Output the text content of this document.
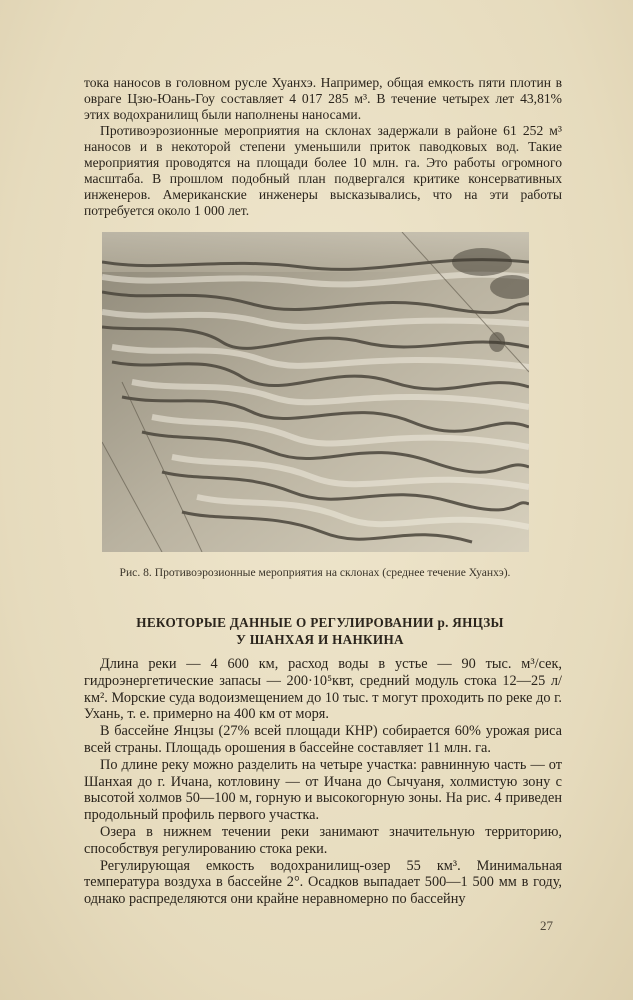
тока наносов в головном русле Хуанхэ. Например, общая емкость пяти плотин в овраге Цзю-Юань-Гоу составляет 4 017 285 м³. В течение четырех лет 43,81% этих водохранилищ были наполнены наносами.

Противоэрозионные мероприятия на склонах задержали в районе 61 252 м³ наносов и в некоторой степени уменьшили приток паводковых вод. Такие мероприятия проводятся на площади более 10 млн. га. Это работы огромного масштаба. В прошлом подобный план подвергался критике консервативных инженеров. Американские инженеры высказывались, что на эти работы потребуется около 1 000 лет.

Рис. 8. Противоэрозионные мероприятия на склонах (среднее течение Хуанхэ).
НЕКОТОРЫЕ ДАННЫЕ О РЕГУЛИРОВАНИИ р. ЯНЦЗЫ
У ШАНХАЯ И НАНКИНА

Длина реки — 4 600 км, расход воды в устье — 90 тыс. м³/сек, гидроэнергетические запасы — 200·10⁵квт, средний модуль стока 12—25 л/км². Морские суда водоизмещением до 10 тыс. т могут проходить по реке до г. Ухань, т. е. примерно на 400 км от моря.

В бассейне Янцзы (27% всей площади КНР) собирается 60% урожая риса всей страны. Площадь орошения в бассейне составляет 11 млн. га.

По длине реку можно разделить на четыре участка: равнинную часть — от Шанхая до г. Ичана, котловину — от Ичана до Сычуаня, холмистую зону с высотой холмов 50—100 м, горную и высокогорную зоны. На рис. 4 приведен продольный профиль первого участка.

Озера в нижнем течении реки занимают значительную территорию, способствуя регулированию стока реки.

Регулирующая емкость водохранилищ-озер 55 км³. Минимальная температура воздуха в бассейне 2°. Осадков выпадает 500—1 500 мм в году, однако распределяются они крайне неравномерно по бассейну

27
